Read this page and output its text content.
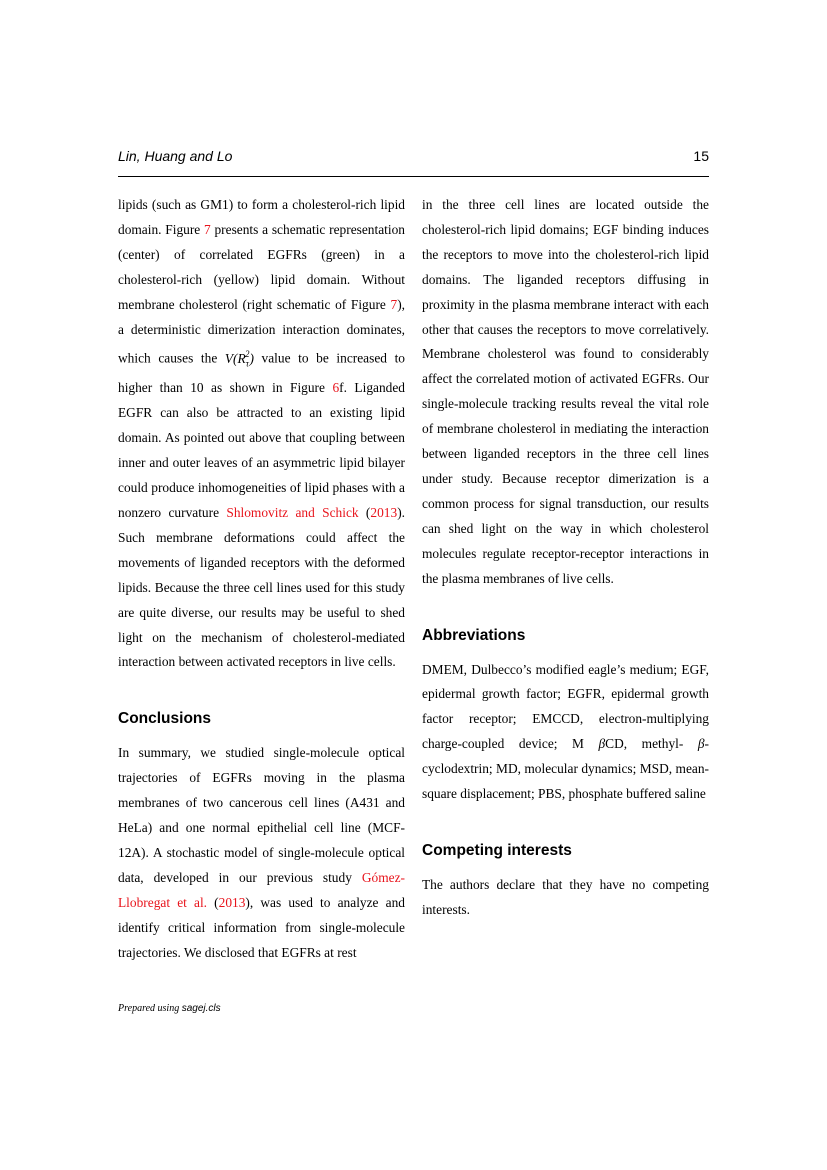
Lin, Huang and Lo	15

lipids (such as GM1) to form a cholesterol-rich lipid domain. Figure 7 presents a schematic representation (center) of correlated EGFRs (green) in a cholesterol-rich (yellow) lipid domain. Without membrane cholesterol (right schematic of Figure 7), a deterministic dimerization interaction dominates, which causes the $V(R_\tau^2)$ value to be increased to higher than 10 as shown in Figure 6f. Liganded EGFR can also be attracted to an existing lipid domain. As pointed out above that coupling between inner and outer leaves of an asymmetric lipid bilayer could produce inhomogeneities of lipid phases with a nonzero curvature Shlomovitz and Schick (2013). Such membrane deformations could affect the movements of liganded receptors with the deformed lipids. Because the three cell lines used for this study are quite diverse, our results may be useful to shed light on the mechanism of cholesterol-mediated interaction between activated receptors in live cells.

Conclusions

In summary, we studied single-molecule optical trajectories of EGFRs moving in the plasma membranes of two cancerous cell lines (A431 and HeLa) and one normal epithelial cell line (MCF-12A). A stochastic model of single-molecule optical data, developed in our previous study Gómez-Llobregat et al. (2013), was used to analyze and identify critical information from single-molecule trajectories. We disclosed that EGFRs at rest

in the three cell lines are located outside the cholesterol-rich lipid domains; EGF binding induces the receptors to move into the cholesterol-rich lipid domains. The liganded receptors diffusing in proximity in the plasma membrane interact with each other that causes the receptors to move correlatively. Membrane cholesterol was found to considerably affect the correlated motion of activated EGFRs. Our single-molecule tracking results reveal the vital role of membrane cholesterol in mediating the interaction between liganded receptors in the three cell lines under study. Because receptor dimerization is a common process for signal transduction, our results can shed light on the way in which cholesterol molecules regulate receptor-receptor interactions in the plasma membranes of live cells.

Abbreviations

DMEM, Dulbecco’s modified eagle’s medium; EGF, epidermal growth factor; EGFR, epidermal growth factor receptor; EMCCD, electron-multiplying charge-coupled device; M βCD, methyl- β-cyclodextrin; MD, molecular dynamics; MSD, mean-square displacement; PBS, phosphate buffered saline

Competing interests

The authors declare that they have no competing interests.

Prepared using sagej.cls
